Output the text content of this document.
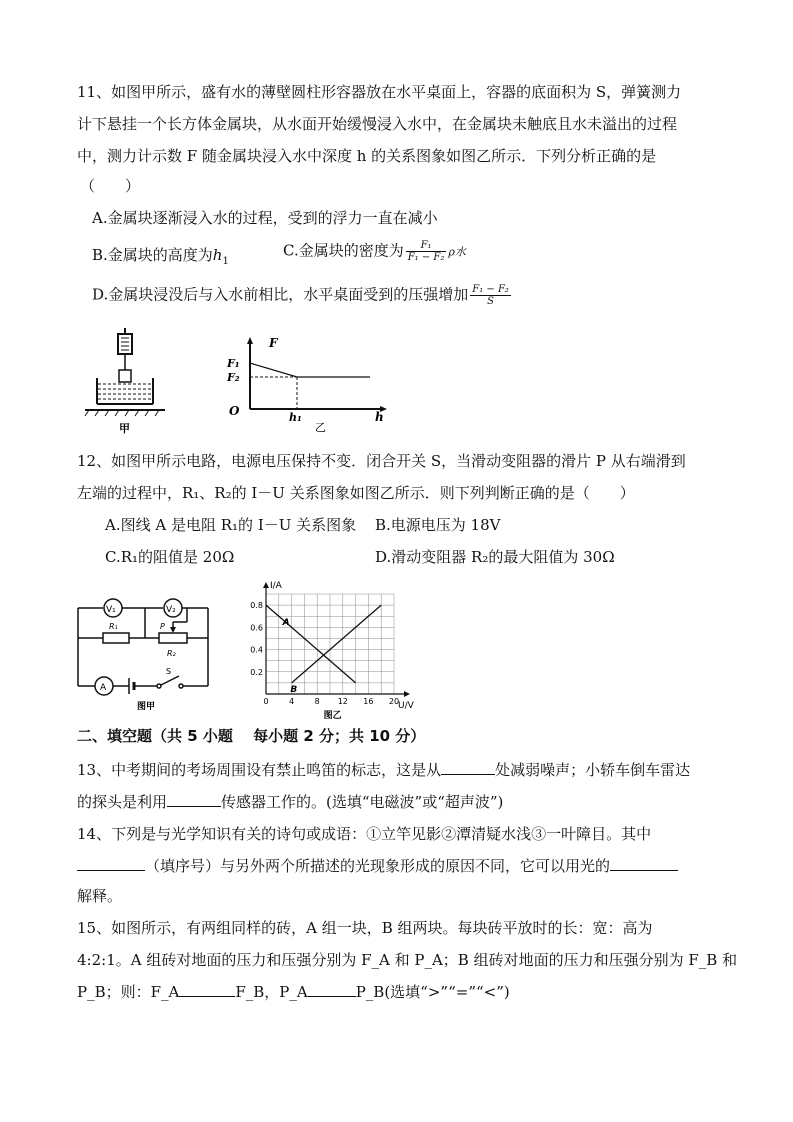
11、如图甲所示，盛有水的薄壁圆柱形容器放在水平桌面上，容器的底面积为 S，弹簧测力
计下悬挂一个长方体金属块，从水面开始缓慢浸入水中，在金属块未触底且水未溢出的过程
中，测力计示数 F 随金属块浸入水中深度 h 的关系图象如图乙所示．下列分析正确的是
（　　）
A.金属块逐渐浸入水的过程，受到的浮力一直在减小
B.金属块的高度为$h_1$
C.金属块的密度为 $\frac{\text{F₁}}{\text{F₁ − F₂}}$ ρ水
D.金属块浸没后与入水前相比，水平桌面受到的压强增加 $\frac{\text{F₁ − F₂}}{S}$
甲
F
F₁
F₂
O	h₁	h
乙
12、如图甲所示电路，电源电压保持不变．闭合开关 S，当滑动变阻器的滑片 P 从右端滑到
左端的过程中，R₁、R₂的 I－U 关系图象如图乙所示．则下列判断正确的是（　　）
A.图线 A 是电阻 R₁的 I－U 关系图象 B.电源电压为 18V
C.R₁的阻值是 20Ω	D.滑动变阻器 R₂的最大阻值为 30Ω
V₁	V₂
R₁	P
R₂
A
S
图甲
0	4	8 12 16 20
0.2
0.4
0.6
0.8
A
B
U/V
I/A
图乙
二、填空题（共 5 小题　 每小题 2 分；共 10 分）
13、中考期间的考场周围设有禁止鸣笛的标志，这是从	处减弱噪声；小轿车倒车雷达
的探头是利用	传感器工作的。(选填“电磁波”或“超声波”)
14、下列是与光学知识有关的诗句或成语：①立竿见影②潭清疑水浅③一叶障目。其中
（填序号）与另外两个所描述的光现象形成的原因不同，它可以用光的
解释。
15、如图所示，有两组同样的砖，A 组一块，B 组两块。每块砖平放时的长：宽：高为
4:2:1。A 组砖对地面的压力和压强分别为 F_A 和 P_A；B 组砖对地面的压力和压强分别为 F_B 和
P_B；则：F_A	F_B，P_A	P_B(选填“>”“=”“<”)
